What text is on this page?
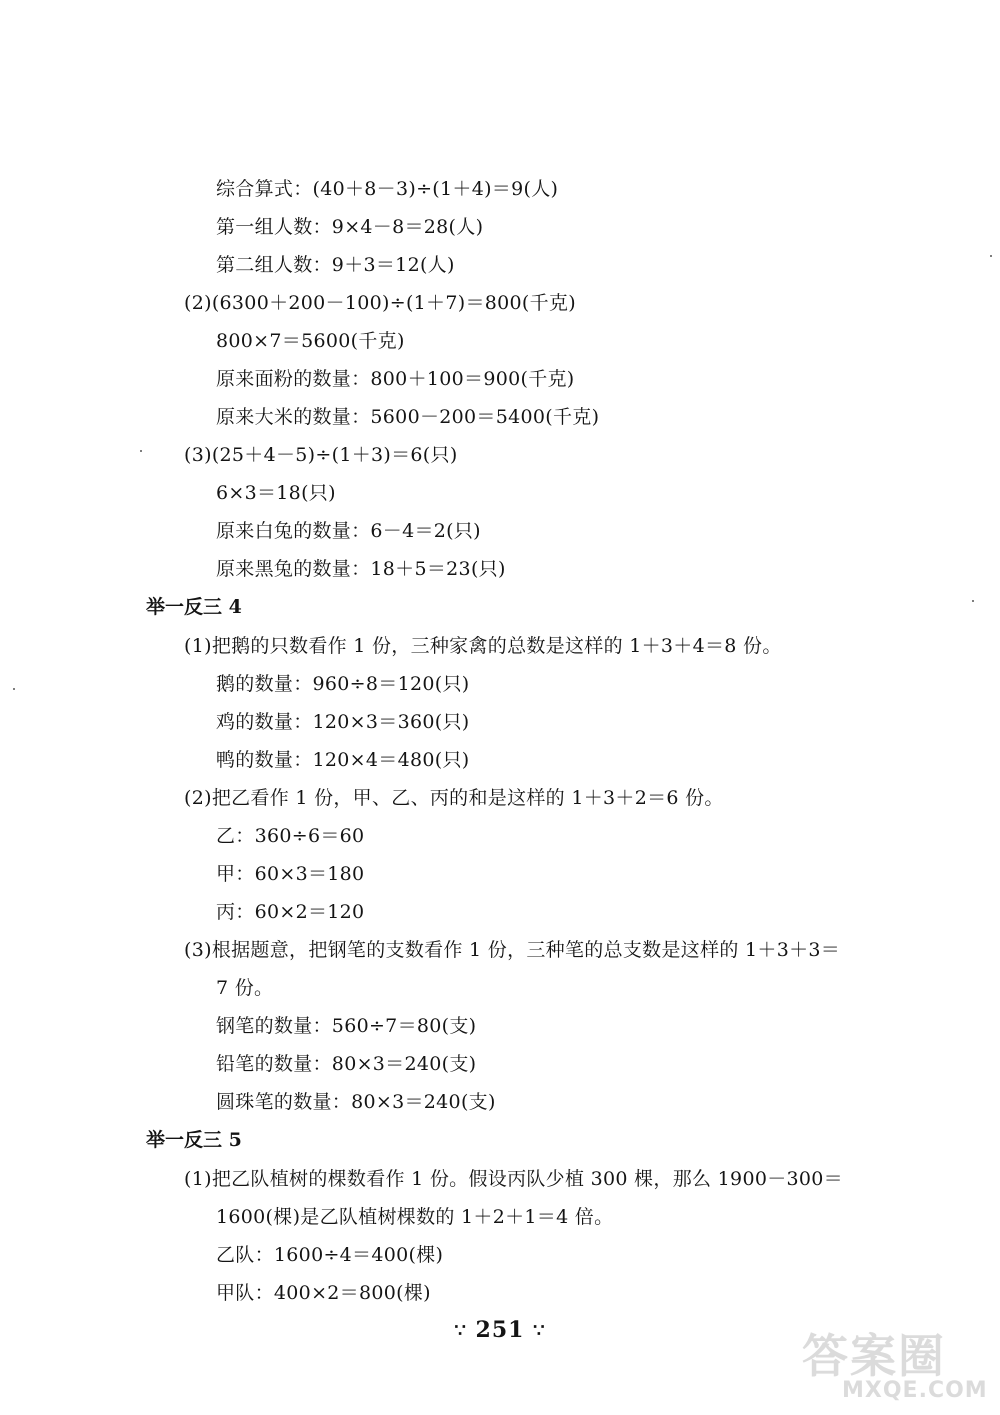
综合算式：(40＋8－3)÷(1＋4)＝9(人)
第一组人数：9×4－8＝28(人)
第二组人数：9＋3＝12(人)
(2)(6300＋200－100)÷(1＋7)＝800(千克)
800×7＝5600(千克)
原来面粉的数量：800＋100＝900(千克)
原来大米的数量：5600－200＝5400(千克)
(3)(25＋4－5)÷(1＋3)＝6(只)
6×3＝18(只)
原来白兔的数量：6－4＝2(只)
原来黑兔的数量：18＋5＝23(只)
举一反三 4
(1)把鹅的只数看作 1 份，三种家禽的总数是这样的 1＋3＋4＝8 份。
鹅的数量：960÷8＝120(只)
鸡的数量：120×3＝360(只)
鸭的数量：120×4＝480(只)
(2)把乙看作 1 份，甲、乙、丙的和是这样的 1＋3＋2＝6 份。
乙：360÷6＝60
甲：60×3＝180
丙：60×2＝120
(3)根据题意，把钢笔的支数看作 1 份，三种笔的总支数是这样的 1＋3＋3＝
7 份。
钢笔的数量：560÷7＝80(支)
铅笔的数量：80×3＝240(支)
圆珠笔的数量：80×3＝240(支)
举一反三 5
(1)把乙队植树的棵数看作 1 份。假设丙队少植 300 棵，那么 1900－300＝
1600(棵)是乙队植树棵数的 1＋2＋1＝4 倍。
乙队：1600÷4＝400(棵)
甲队：400×2＝800(棵)
∵ 251 ∵	答案圈
MXQE.COM
